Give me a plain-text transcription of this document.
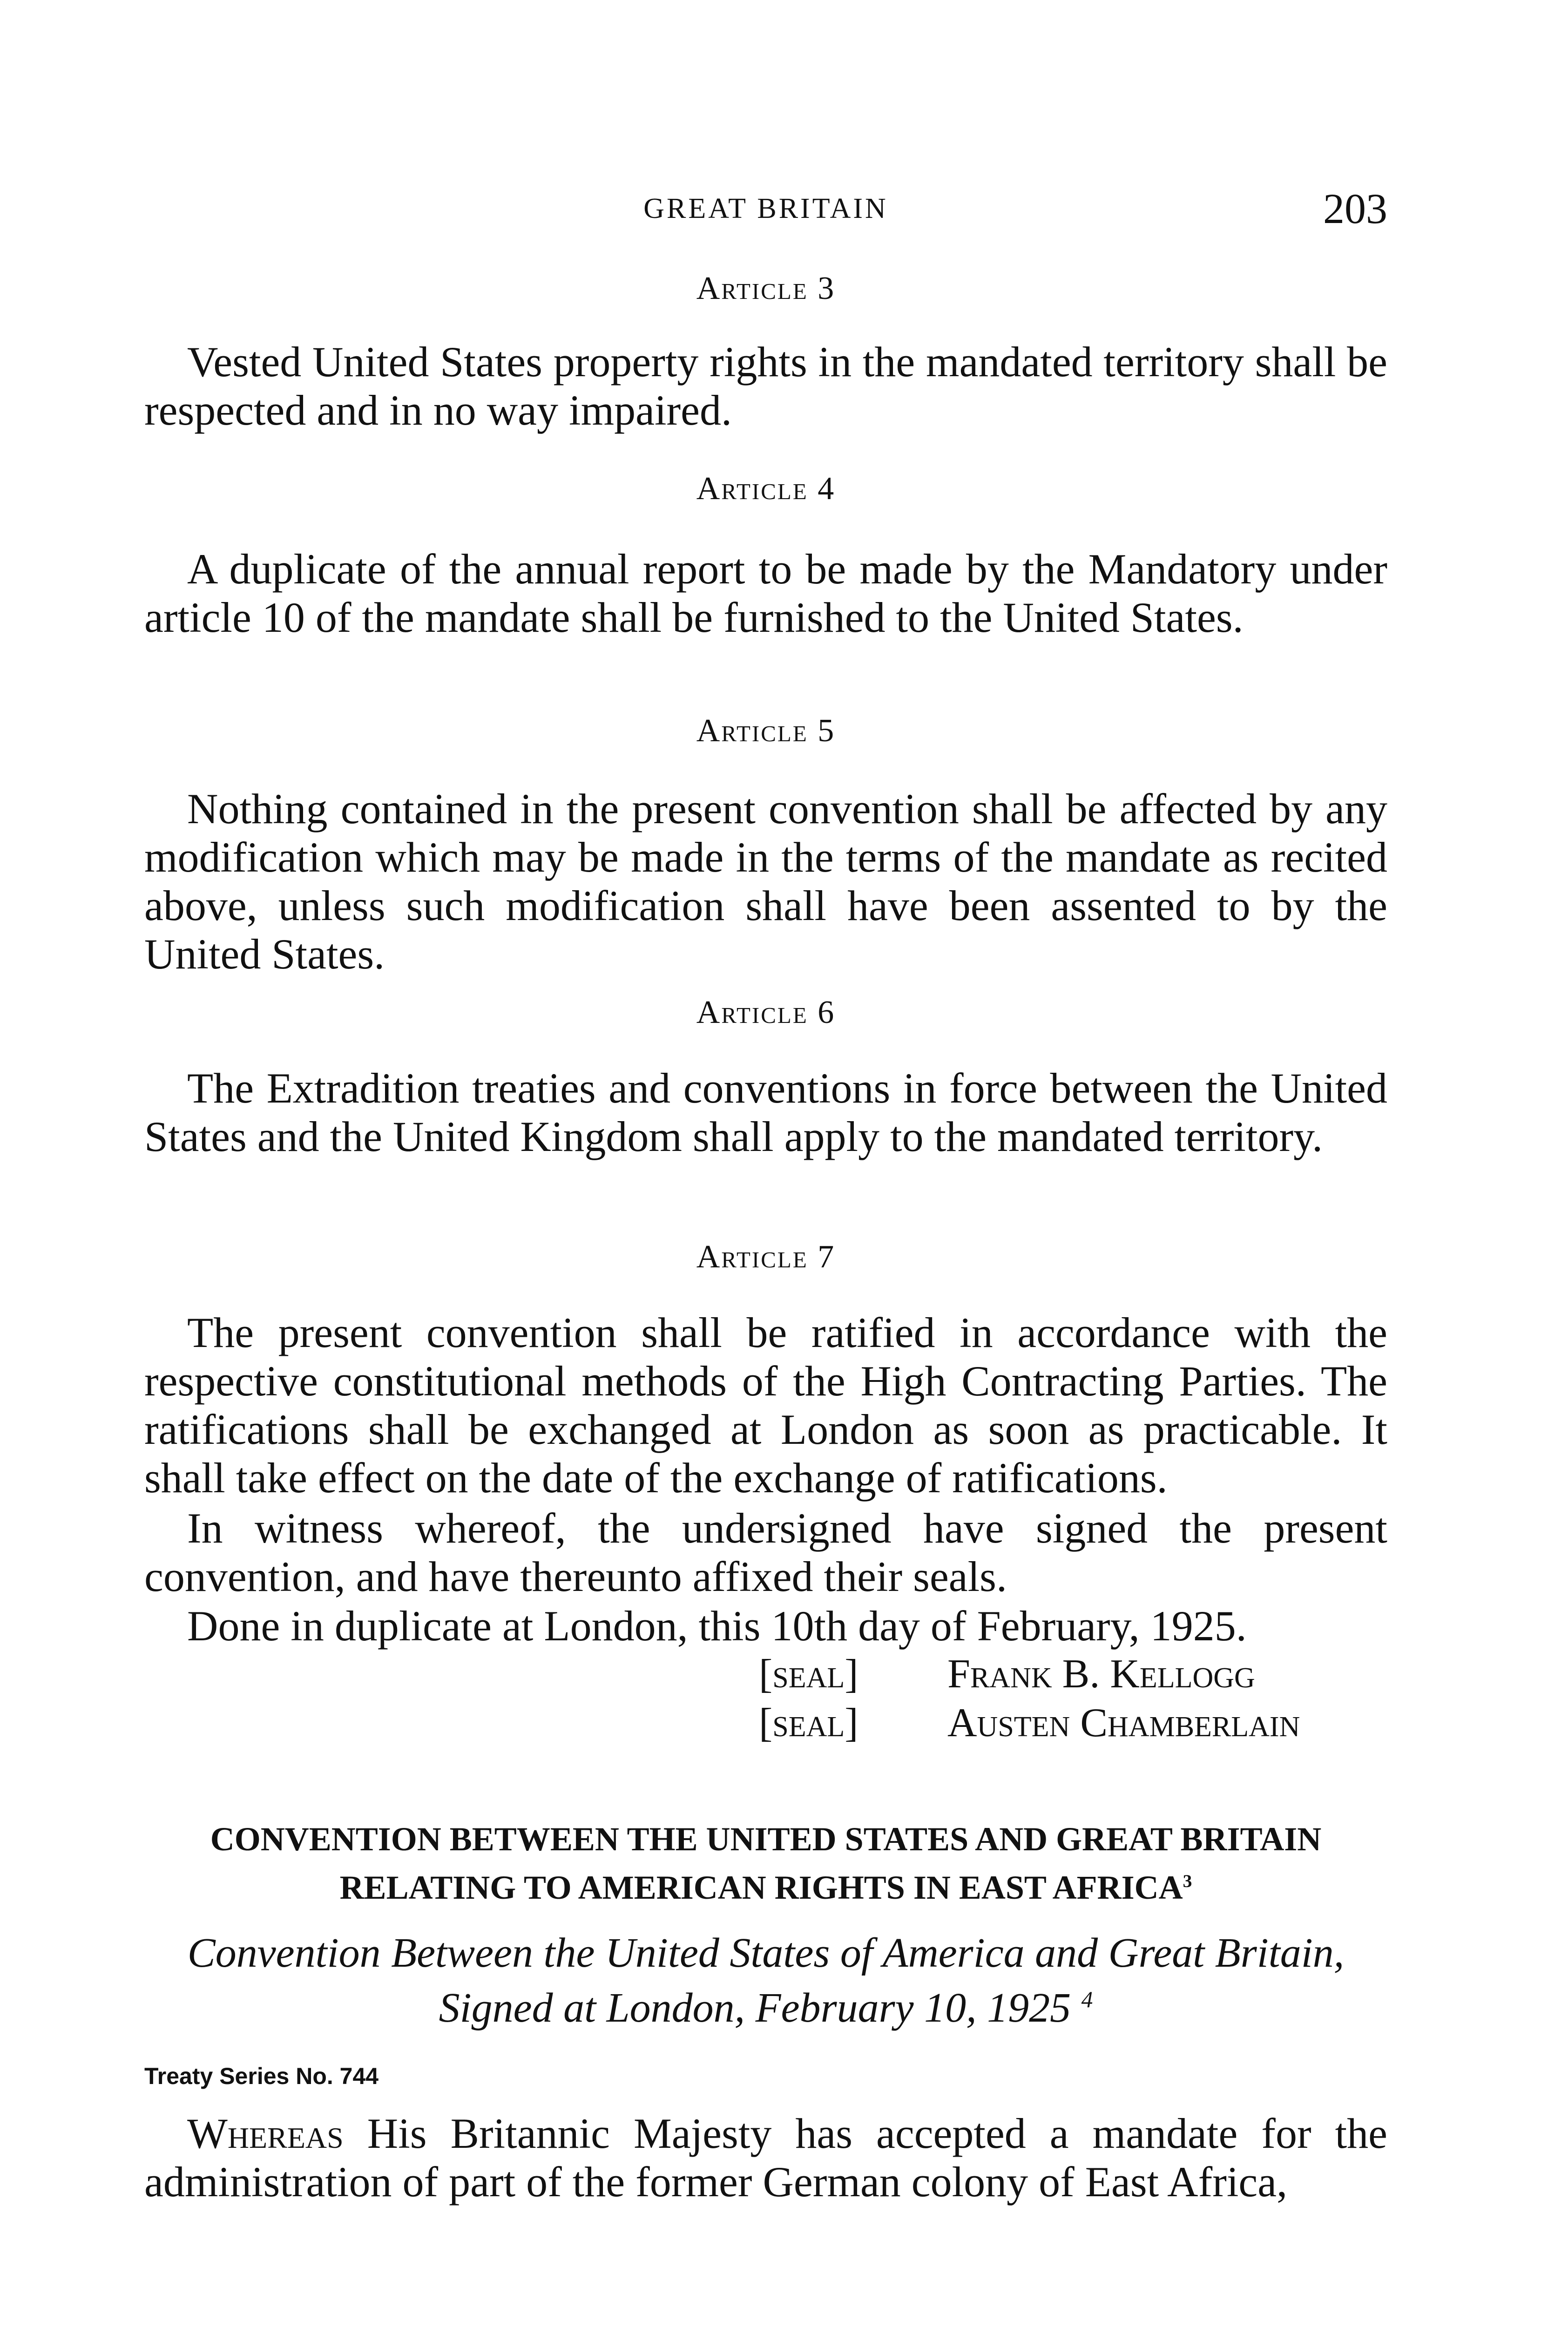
GREAT BRITAIN	203
Article 3
Vested United States property rights in the mandated territory shall be respected and in no way impaired.
Article 4
A duplicate of the annual report to be made by the Mandatory under article 10 of the mandate shall be furnished to the United States.
Article 5
Nothing contained in the present convention shall be affected by any modification which may be made in the terms of the mandate as recited above, unless such modification shall have been assented to by the United States.
Article 6
The Extradition treaties and conventions in force between the United States and the United Kingdom shall apply to the mandated territory.
Article 7
The present convention shall be ratified in accordance with the respective constitutional methods of the High Contracting Parties. The ratifications shall be exchanged at London as soon as practicable. It shall take effect on the date of the exchange of ratifications.
In witness whereof, the undersigned have signed the present convention, and have thereunto affixed their seals.
Done in duplicate at London, this 10th day of February, 1925.
[seal] Frank B. Kellogg
[seal] Austen Chamberlain
CONVENTION BETWEEN THE UNITED STATES AND GREAT BRITAIN RELATING TO AMERICAN RIGHTS IN EAST AFRICA$^3$
Convention Between the United States of America and Great Britain, Signed at London, February 10, 1925 $^4$
Treaty Series No. 744
Whereas His Britannic Majesty has accepted a mandate for the administration of part of the former German colony of East Africa,
